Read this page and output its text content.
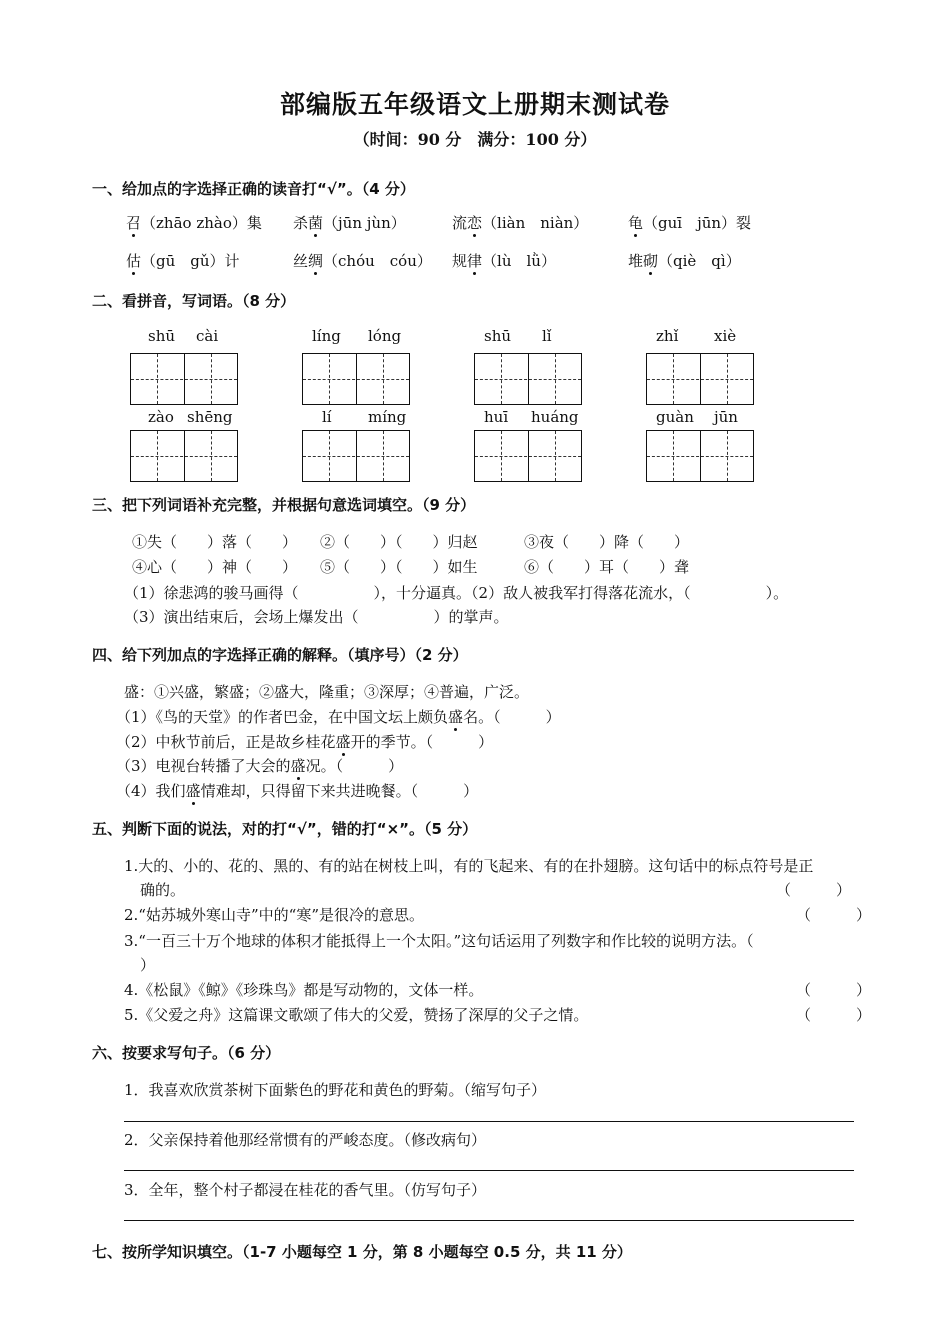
部编版五年级语文上册期末测试卷
（时间：90 分　满分：100 分）
一、给加点的字选择正确的读音打“√”。（4 分）
召（zhāo zhào）集 杀菌（jūn jùn）	流恋（liàn　niàn）	龟（guī　jūn）裂
估（gū　gǔ）计	丝绸（chóu　cóu） 规律（lù　lǜ）	堆砌（qiè　qì）
二、看拼音，写词语。（8 分）
shū cài	líng lóng	shū lǐ	zhǐ xiè
zào shēng	lí míng	huī huáng	guàn jūn
三、把下列词语补充完整，并根据句意选词填空。（9 分）
①失（　　）落（　　） ②（　　）（　　）归赵	③夜（　　）降（　　）
④心（　　）神（　　） ⑤（　　）（　　）如生	⑥（　　）耳（　　）聋
（1）徐悲鸿的骏马画得（　　　　　），十分逼真。（2）敌人被我军打得落花流水，（　　　　　）。
（3）演出结束后，会场上爆发出（　　　　　）的掌声。
四、给下列加点的字选择正确的解释。（填序号）（2 分）
盛：①兴盛，繁盛；②盛大，隆重；③深厚；④普遍，广泛。
（1）《鸟的天堂》的作者巴金，在中国文坛上颇负盛名。（　　　）
（2）中秋节前后，正是故乡桂花盛开的季节。（　　　）
（3）电视台转播了大会的盛况。（　　　）
（4）我们盛情难却，只得留下来共进晚餐。（　　　）
五、判断下面的说法，对的打“√”，错的打“×”。（5 分）
1.大的、小的、花的、黑的、有的站在树枝上叫，有的飞起来、有的在扑翅膀。这句话中的标点符号是正
确的。	（　　　）
2.“姑苏城外寒山寺”中的“寒”是很冷的意思。	（　　　）
3.“一百三十万个地球的体积才能抵得上一个太阳。”这句话运用了列数字和作比较的说明方法。（
）
4.《松鼠》《鲸》《珍珠鸟》都是写动物的，文体一样。	（　　　）
5.《父爱之舟》这篇课文歌颂了伟大的父爱，赞扬了深厚的父子之情。	（　　　）
六、按要求写句子。（6 分）
1．我喜欢欣赏茶树下面紫色的野花和黄色的野菊。（缩写句子）
2．父亲保持着他那经常惯有的严峻态度。（修改病句）
3．全年，整个村子都浸在桂花的香气里。（仿写句子）
七、按所学知识填空。（1-7 小题每空 1 分，第 8 小题每空 0.5 分，共 11 分）
